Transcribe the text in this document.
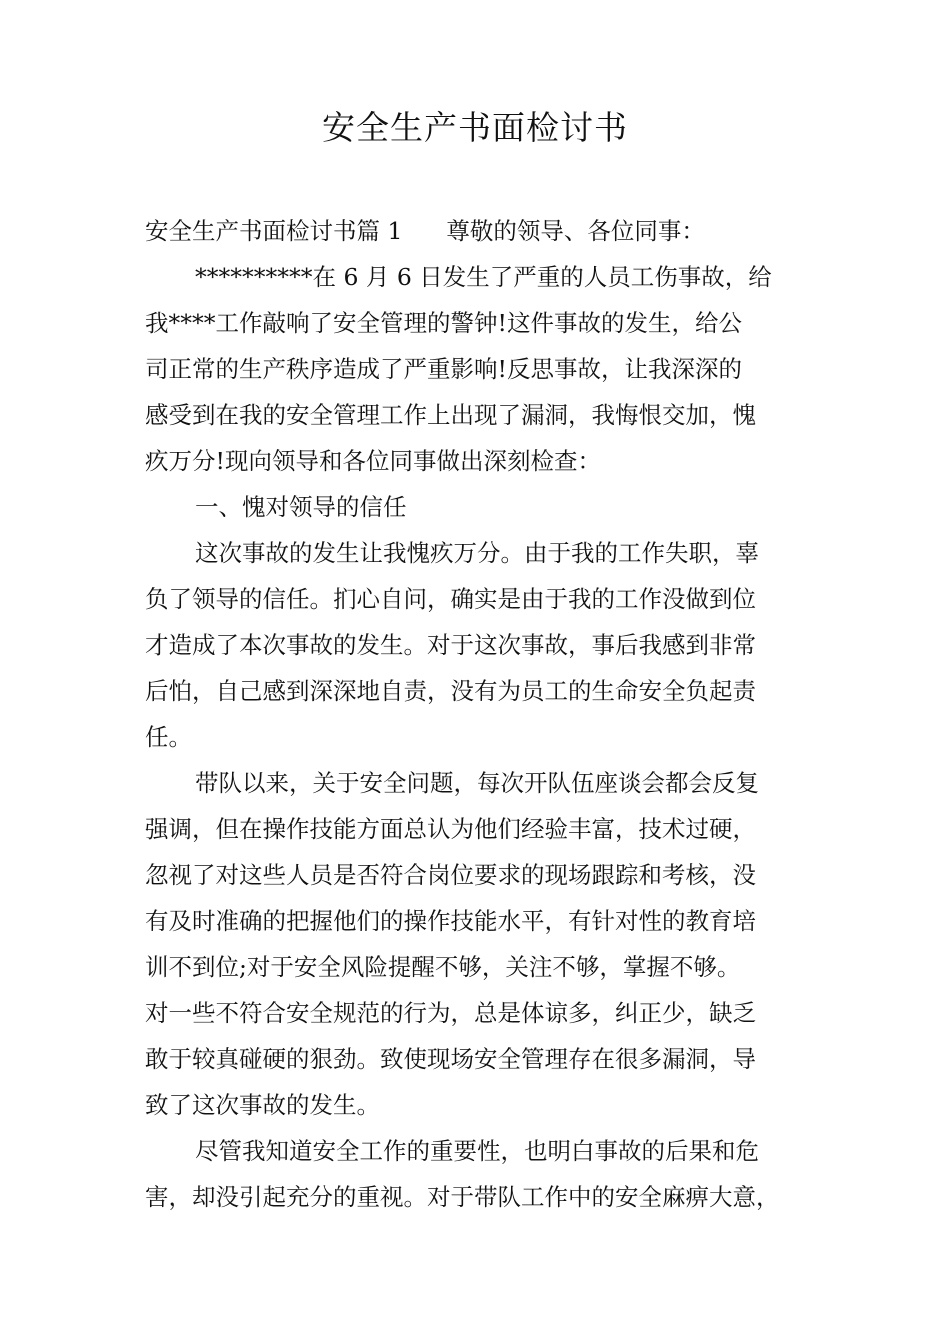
安全生产书面检讨书
安全生产书面检讨书篇 1 尊敬的领导、各位同事：
**********在 6 月 6 日发生了严重的人员工伤事故，给
我****工作敲响了安全管理的警钟!这件事故的发生，给公
司正常的生产秩序造成了严重影响!反思事故，让我深深的
感受到在我的安全管理工作上出现了漏洞，我悔恨交加，愧
疚万分!现向领导和各位同事做出深刻检查：
一、愧对领导的信任
这次事故的发生让我愧疚万分。由于我的工作失职，辜
负了领导的信任。扪心自问，确实是由于我的工作没做到位
才造成了本次事故的发生。对于这次事故，事后我感到非常
后怕，自己感到深深地自责，没有为员工的生命安全负起责
任。
带队以来，关于安全问题，每次开队伍座谈会都会反复
强调，但在操作技能方面总认为他们经验丰富，技术过硬，
忽视了对这些人员是否符合岗位要求的现场跟踪和考核，没
有及时准确的把握他们的操作技能水平，有针对性的教育培
训不到位;对于安全风险提醒不够，关注不够，掌握不够。
对一些不符合安全规范的行为，总是体谅多，纠正少，缺乏
敢于较真碰硬的狠劲。致使现场安全管理存在很多漏洞，导
致了这次事故的发生。
尽管我知道安全工作的重要性，也明白事故的后果和危
害，却没引起充分的重视。对于带队工作中的安全麻痹大意，
